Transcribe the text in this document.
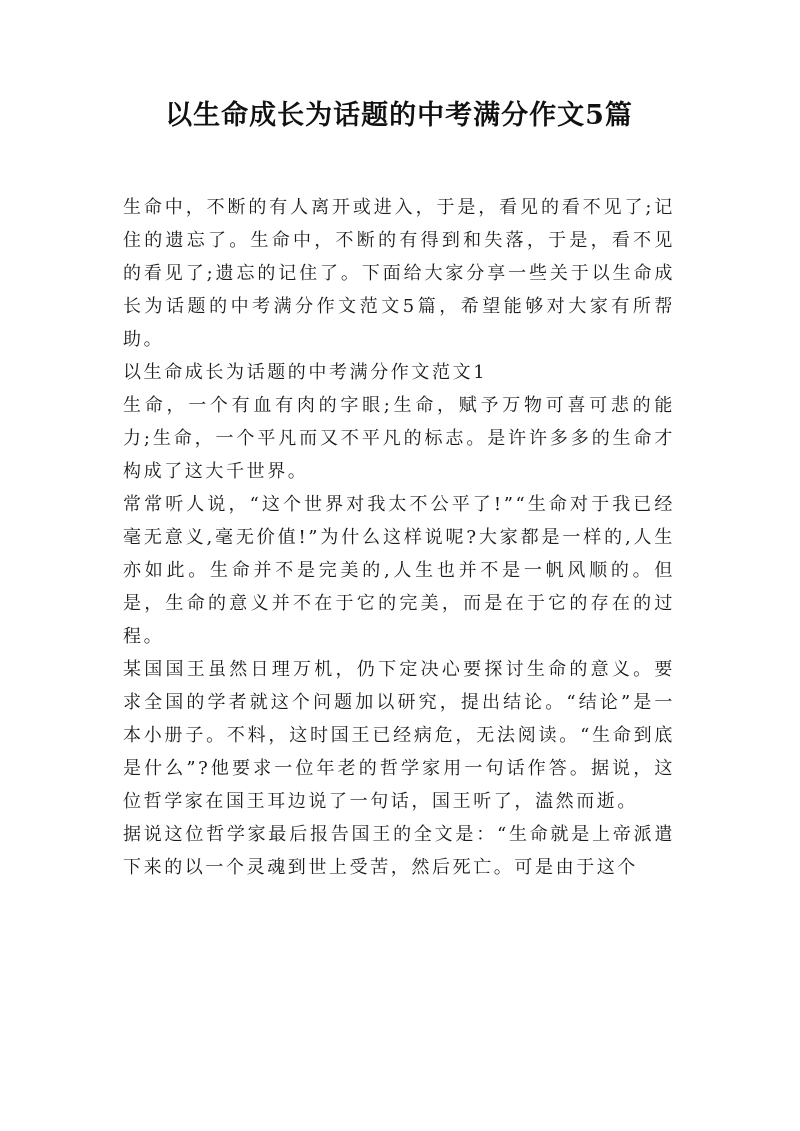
以生命成长为话题的中考满分作文5篇

生命中，不断的有人离开或进入，于是，看见的看不见了;记住的遗忘了。生命中，不断的有得到和失落，于是，看不见的看见了;遗忘的记住了。下面给大家分享一些关于以生命成长为话题的中考满分作文范文5篇，希望能够对大家有所帮助。

以生命成长为话题的中考满分作文范文1

生命，一个有血有肉的字眼;生命，赋予万物可喜可悲的能力;生命，一个平凡而又不平凡的标志。是许许多多的生命才构成了这大千世界。

常常听人说，“这个世界对我太不公平了!”“生命对于我已经毫无意义,毫无价值!”为什么这样说呢?大家都是一样的,人生亦如此。生命并不是完美的,人生也并不是一帆风顺的。但是，生命的意义并不在于它的完美，而是在于它的存在的过程。

某国国王虽然日理万机，仍下定决心要探讨生命的意义。要求全国的学者就这个问题加以研究，提出结论。“结论”是一本小册子。不料，这时国王已经病危，无法阅读。“生命到底是什么”?他要求一位年老的哲学家用一句话作答。据说，这位哲学家在国王耳边说了一句话，国王听了，溘然而逝。

据说这位哲学家最后报告国王的全文是：“生命就是上帝派遣下来的以一个灵魂到世上受苦，然后死亡。可是由于这个
